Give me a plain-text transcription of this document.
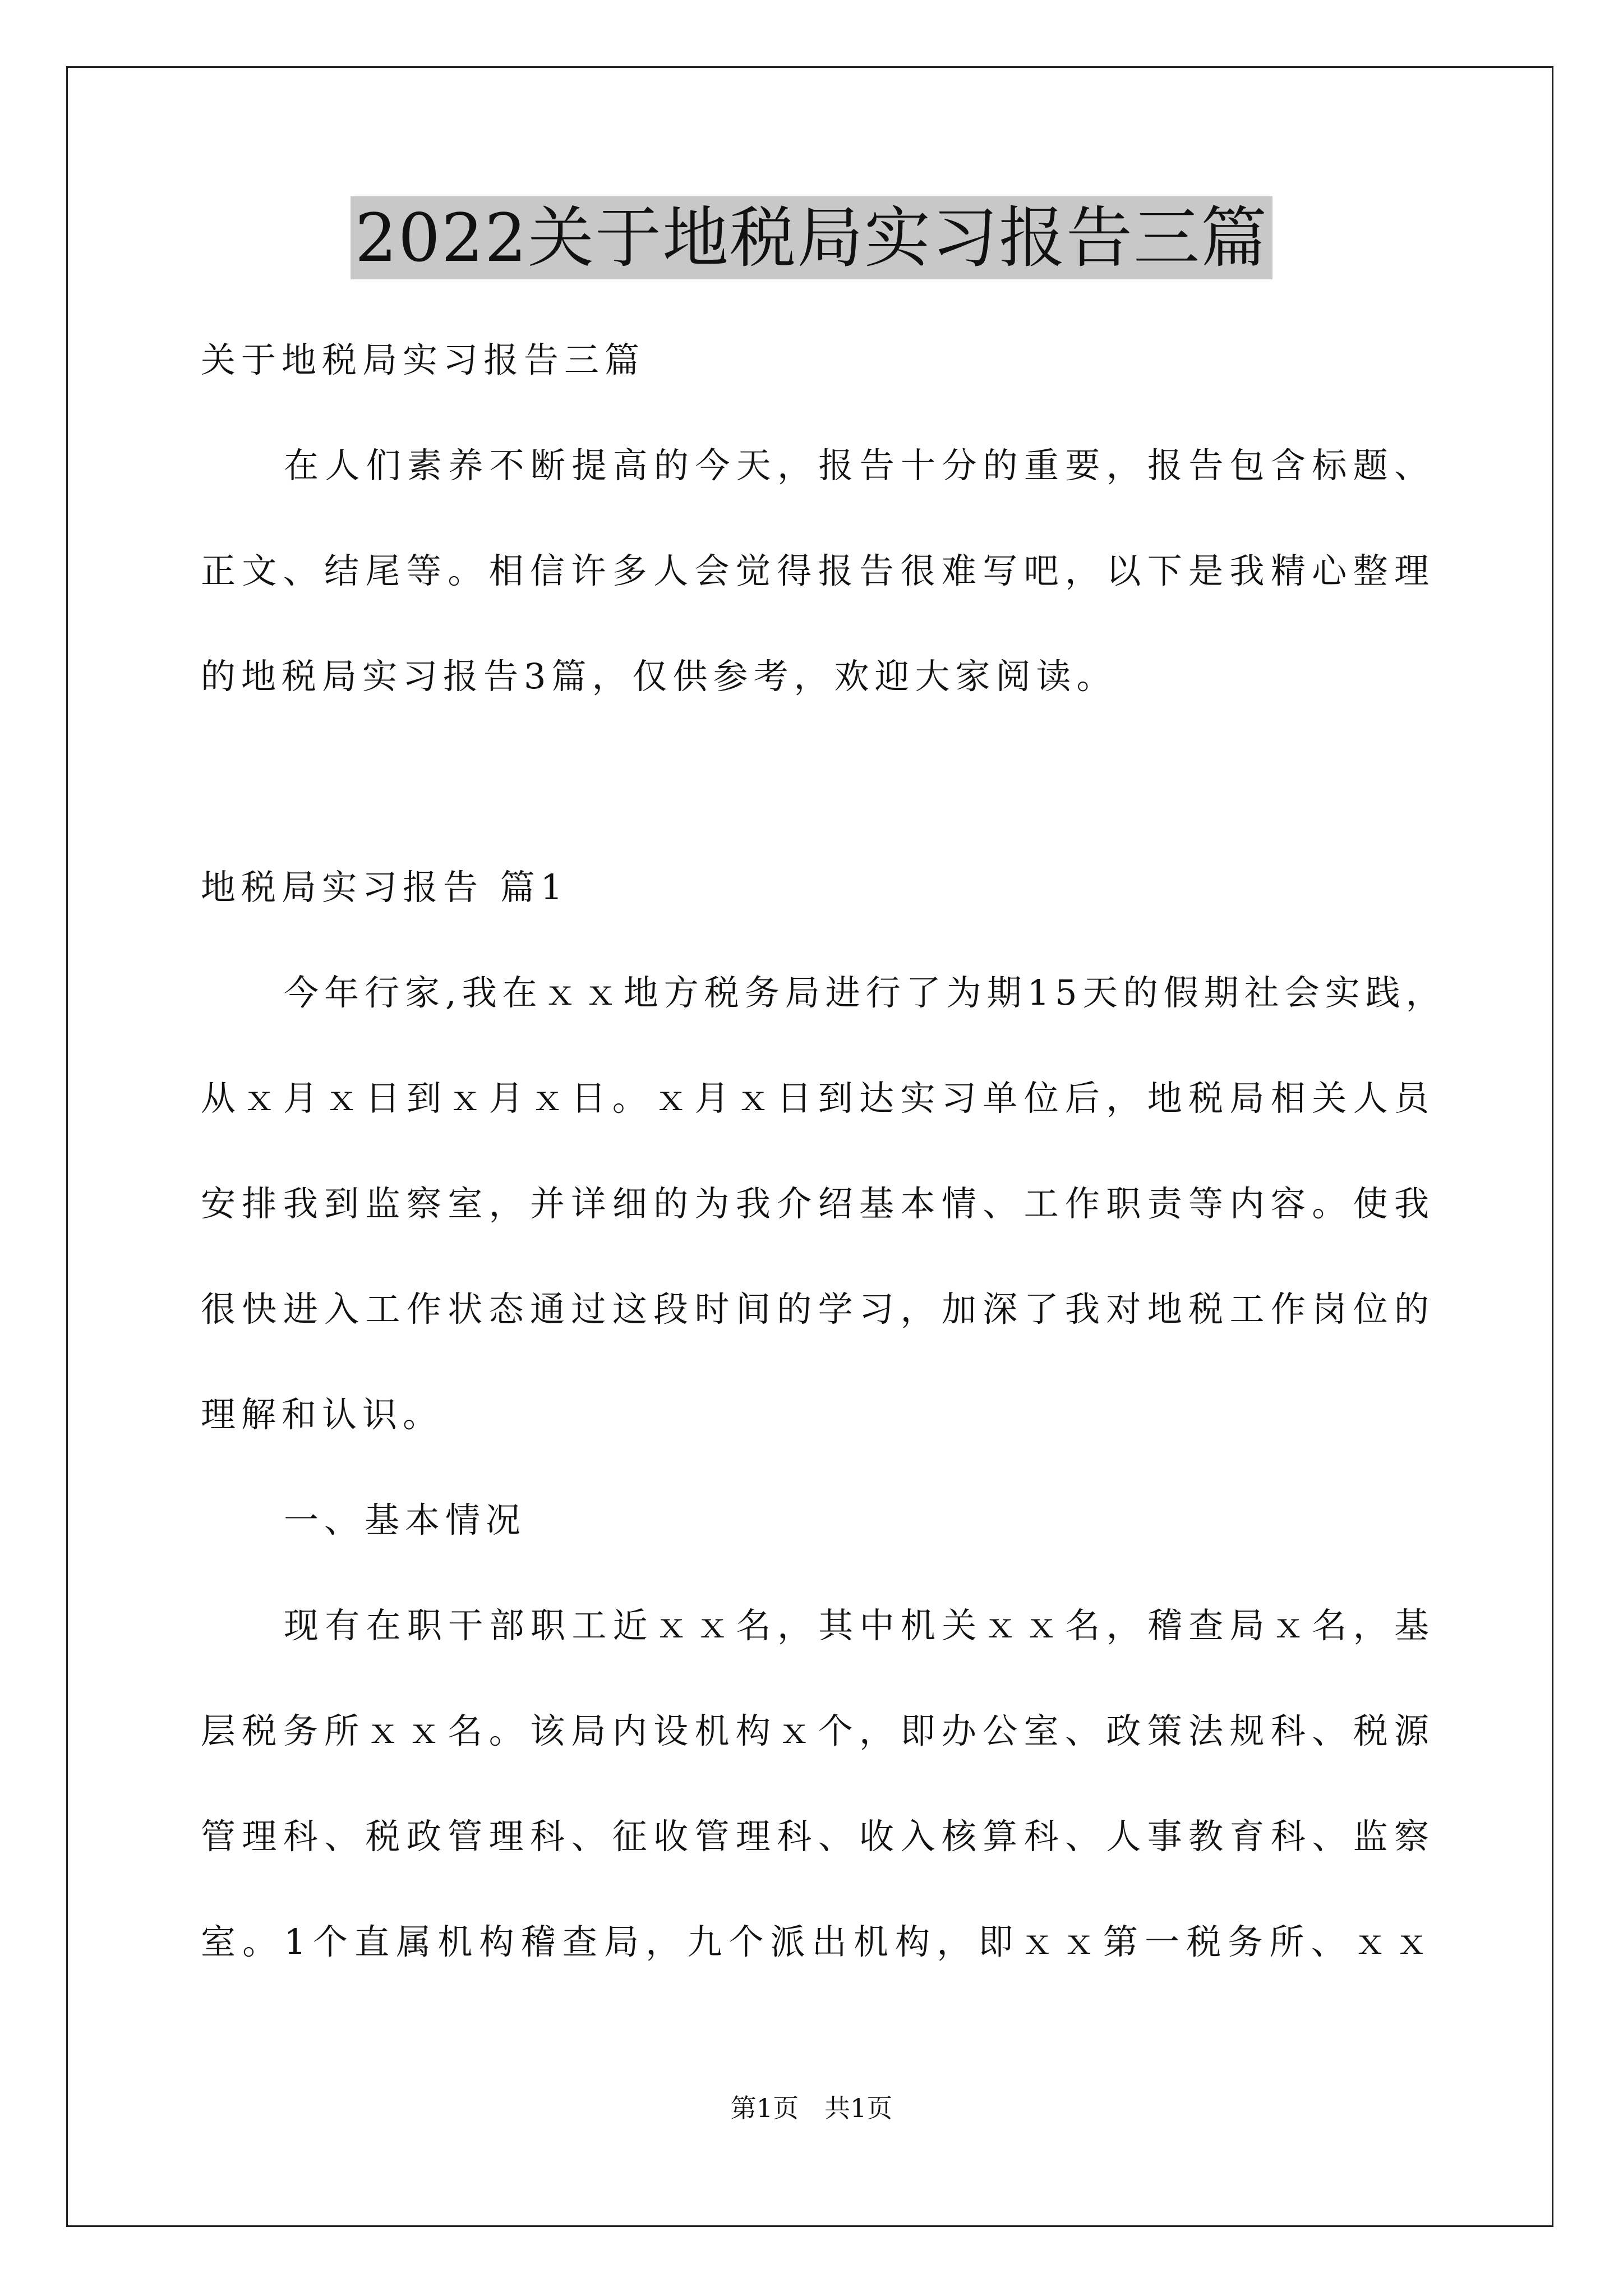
2022关于地税局实习报告三篇
关于地税局实习报告三篇
在人们素养不断提高的今天，报告十分的重要，报告包含标题、
正文、结尾等。相信许多人会觉得报告很难写吧，以下是我精心整理
的地税局实习报告3篇，仅供参考，欢迎大家阅读。
地税局实习报告 篇1
今年行家,我在ｘｘ地方税务局进行了为期15天的假期社会实践，
从ｘ月ｘ日到ｘ月ｘ日。ｘ月ｘ日到达实习单位后，地税局相关人员
安排我到监察室，并详细的为我介绍基本情、工作职责等内容。使我
很快进入工作状态通过这段时间的学习，加深了我对地税工作岗位的
理解和认识。
一、基本情况
现有在职干部职工近ｘｘ名，其中机关ｘｘ名，稽查局ｘ名，基
层税务所ｘｘ名。该局内设机构ｘ个，即办公室、政策法规科、税源
管理科、税政管理科、征收管理科、收入核算科、人事教育科、监察
室。1个直属机构稽查局，九个派出机构，即ｘｘ第一税务所、ｘｘ
第1页　共1页
